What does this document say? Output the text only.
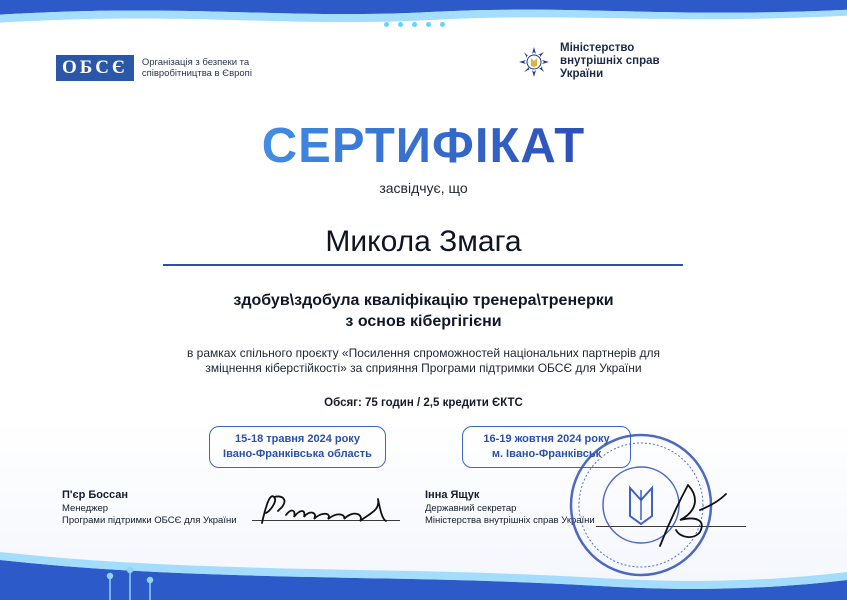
ОБСЄ	Організація з безпеки та співробітництва в Європі
Міністерство внутрішніх справ України
СЕРТИФІКАТ
засвідчує, що
Микола Змага
здобув\здобула кваліфікацію тренера\тренерки
з основ кібергігієни
в рамках спільного проєкту «Посилення спроможностей національних партнерів для
зміцнення кіберстійкості» за сприяння Програми підтримки ОБСЄ для України
Обсяг: 75 годин / 2,5 кредити ЄКТС
15-18 травня 2024 року
Івано-Франківська область
16-19 жовтня 2024 року
м. Івано-Франківськ
П'єр Боссан
Менеджер
Програми підтримки ОБСЄ для України
Інна Ящук
Державний секретар
Міністерства внутрішніх справ України
